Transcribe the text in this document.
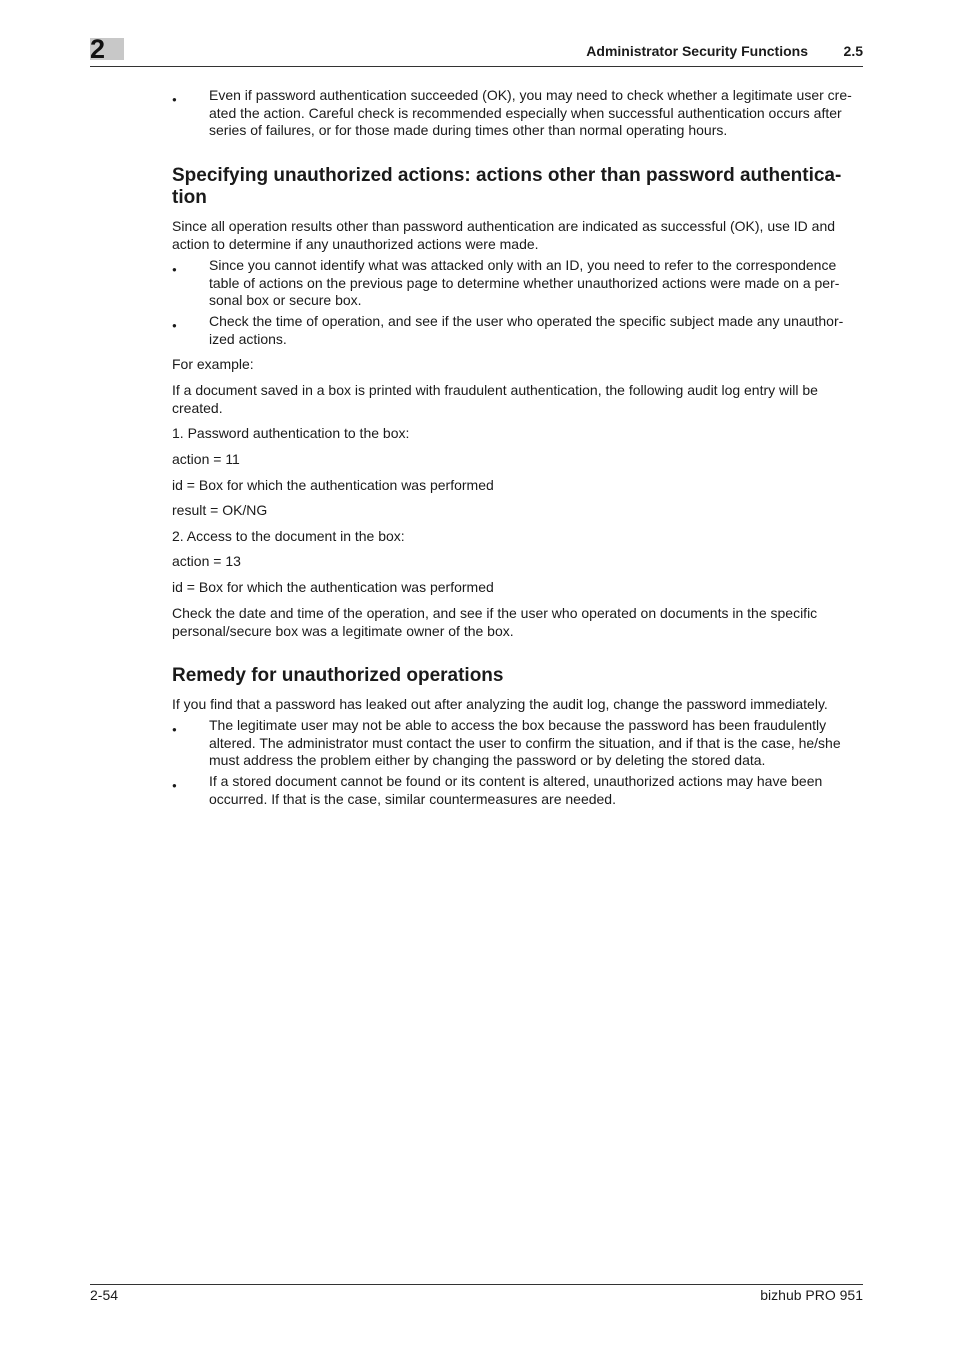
2	Administrator Security Functions	2.5
●	Even if password authentication succeeded (OK), you may need to check whether a legitimate user cre-
ated the action. Careful check is recommended especially when successful authentication occurs after
series of failures, or for those made during times other than normal operating hours.
Specifying unauthorized actions: actions other than password authentica-
tion

Since all operation results other than password authentication are indicated as successful (OK), use ID and
action to determine if any unauthorized actions were made.

●	Since you cannot identify what was attacked only with an ID, you need to refer to the correspondence
table of actions on the previous page to determine whether unauthorized actions were made on a per-
sonal box or secure box.
●	Check the time of operation, and see if the user who operated the specific subject made any unauthor-
ized actions.

For example:

If a document saved in a box is printed with fraudulent authentication, the following audit log entry will be
created.

1. Password authentication to the box:

action = 11

id = Box for which the authentication was performed

result = OK/NG

2. Access to the document in the box:

action = 13

id = Box for which the authentication was performed

Check the date and time of the operation, and see if the user who operated on documents in the specific
personal/secure box was a legitimate owner of the box.

Remedy for unauthorized operations

If you find that a password has leaked out after analyzing the audit log, change the password immediately.

●	The legitimate user may not be able to access the box because the password has been fraudulently
altered. The administrator must contact the user to confirm the situation, and if that is the case, he/she
must address the problem either by changing the password or by deleting the stored data.
●	If a stored document cannot be found or its content is altered, unauthorized actions may have been
occurred. If that is the case, similar countermeasures are needed.
2-54	bizhub PRO 951
